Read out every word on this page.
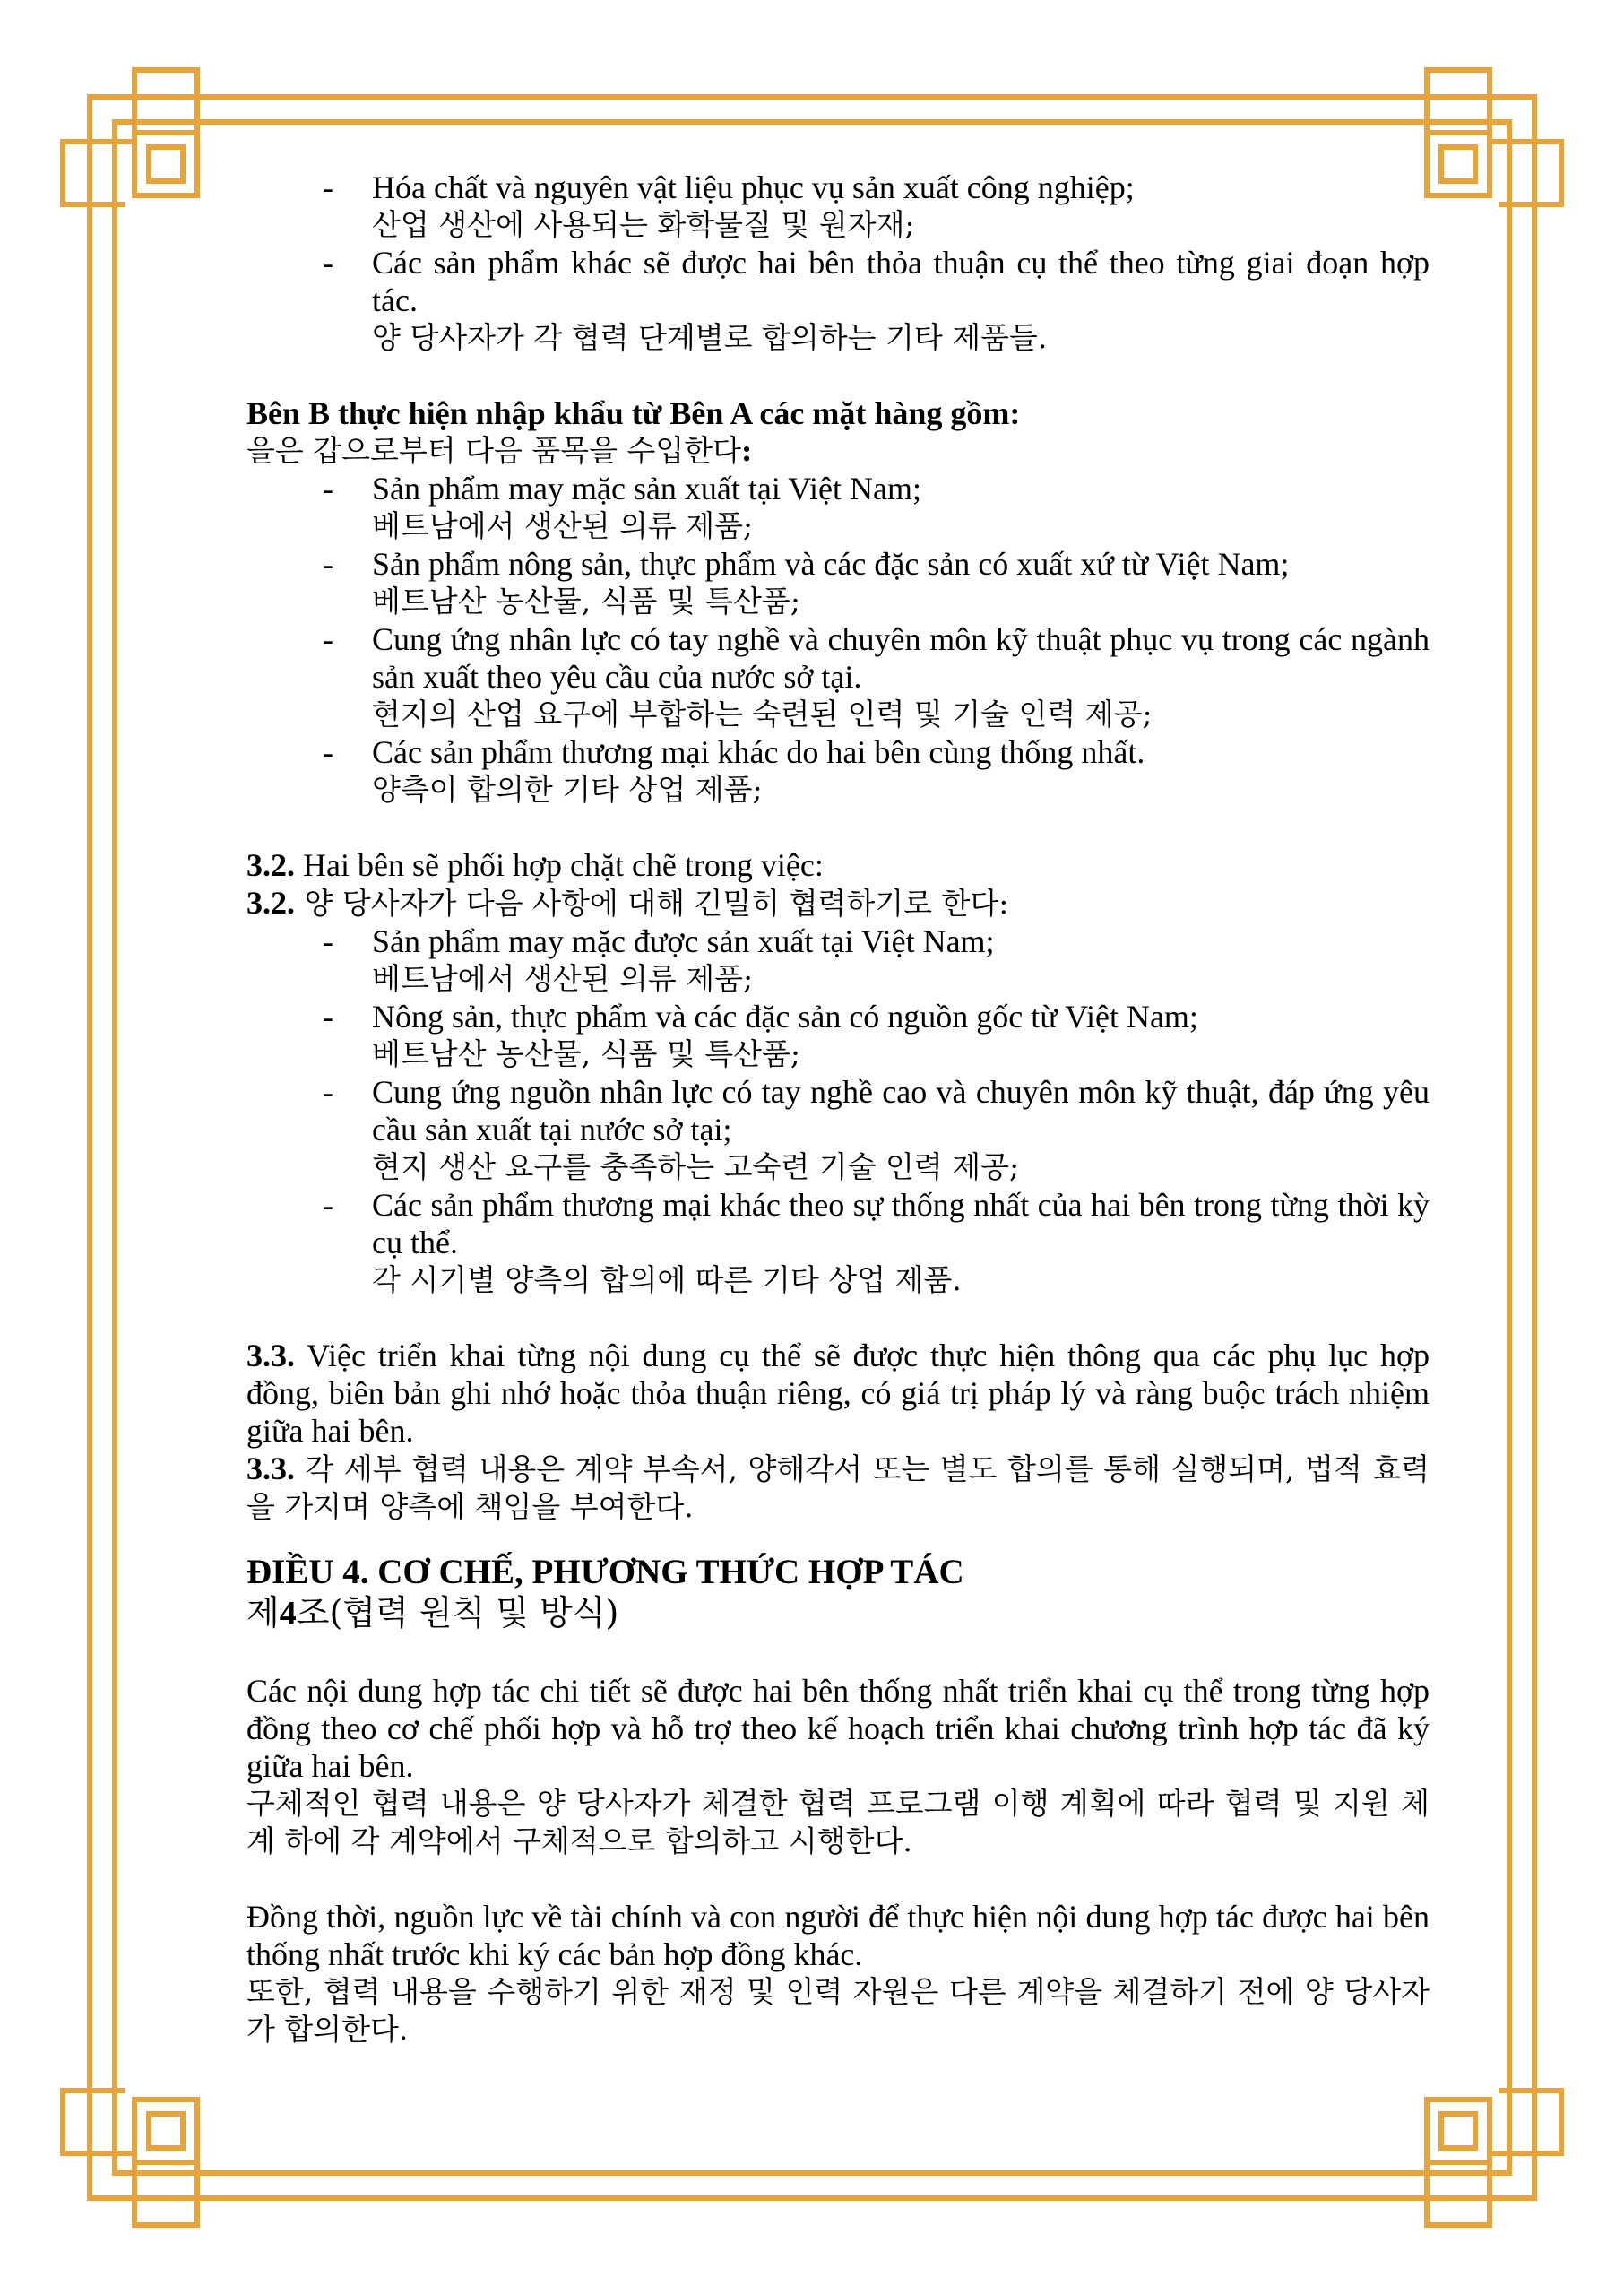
-	Hóa chất và nguyên vật liệu phục vụ sản xuất công nghiệp;

산업 생산에 사용되는 화학물질 및 원자재;

-	Các sản phẩm khác sẽ được hai bên thỏa thuận cụ thể theo từng giai đoạn hợp tác.

양 당사자가 각 협력 단계별로 합의하는 기타 제품들.

Bên B thực hiện nhập khẩu từ Bên A các mặt hàng gồm:

을은 갑으로부터 다음 품목을 수입한다:

-	Sản phẩm may mặc sản xuất tại Việt Nam;

베트남에서 생산된 의류 제품;

-	Sản phẩm nông sản, thực phẩm và các đặc sản có xuất xứ từ Việt Nam;

베트남산 농산물, 식품 및 특산품;

-	Cung ứng nhân lực có tay nghề và chuyên môn kỹ thuật phục vụ trong các ngành sản xuất theo yêu cầu của nước sở tại.

현지의 산업 요구에 부합하는 숙련된 인력 및 기술 인력 제공;

-	Các sản phẩm thương mại khác do hai bên cùng thống nhất.

양측이 합의한 기타 상업 제품;

3.2. Hai bên sẽ phối hợp chặt chẽ trong việc:

3.2. 양 당사자가 다음 사항에 대해 긴밀히 협력하기로 한다:

-	Sản phẩm may mặc được sản xuất tại Việt Nam;

베트남에서 생산된 의류 제품;

-	Nông sản, thực phẩm và các đặc sản có nguồn gốc từ Việt Nam;

베트남산 농산물, 식품 및 특산품;

-	Cung ứng nguồn nhân lực có tay nghề cao và chuyên môn kỹ thuật, đáp ứng yêu cầu sản xuất tại nước sở tại;

현지 생산 요구를 충족하는 고숙련 기술 인력 제공;

-	Các sản phẩm thương mại khác theo sự thống nhất của hai bên trong từng thời kỳ cụ thể.

각 시기별 양측의 합의에 따른 기타 상업 제품.

3.3. Việc triển khai từng nội dung cụ thể sẽ được thực hiện thông qua các phụ lục hợp đồng, biên bản ghi nhớ hoặc thỏa thuận riêng, có giá trị pháp lý và ràng buộc trách nhiệm giữa hai bên.

3.3. 각 세부 협력 내용은 계약 부속서, 양해각서 또는 별도 합의를 통해 실행되며, 법적 효력을 가지며 양측에 책임을 부여한다.

ĐIỀU 4. CƠ CHẾ, PHƯƠNG THỨC HỢP TÁC

제4조(협력 원칙 및 방식)

Các nội dung hợp tác chi tiết sẽ được hai bên thống nhất triển khai cụ thể trong từng hợp đồng theo cơ chế phối hợp và hỗ trợ theo kế hoạch triển khai chương trình hợp tác đã ký giữa hai bên.

구체적인 협력 내용은 양 당사자가 체결한 협력 프로그램 이행 계획에 따라 협력 및 지원 체계 하에 각 계약에서 구체적으로 합의하고 시행한다.

Đồng thời, nguồn lực về tài chính và con người để thực hiện nội dung hợp tác được hai bên thống nhất trước khi ký các bản hợp đồng khác.

또한, 협력 내용을 수행하기 위한 재정 및 인력 자원은 다른 계약을 체결하기 전에 양 당사자가 합의한다.
